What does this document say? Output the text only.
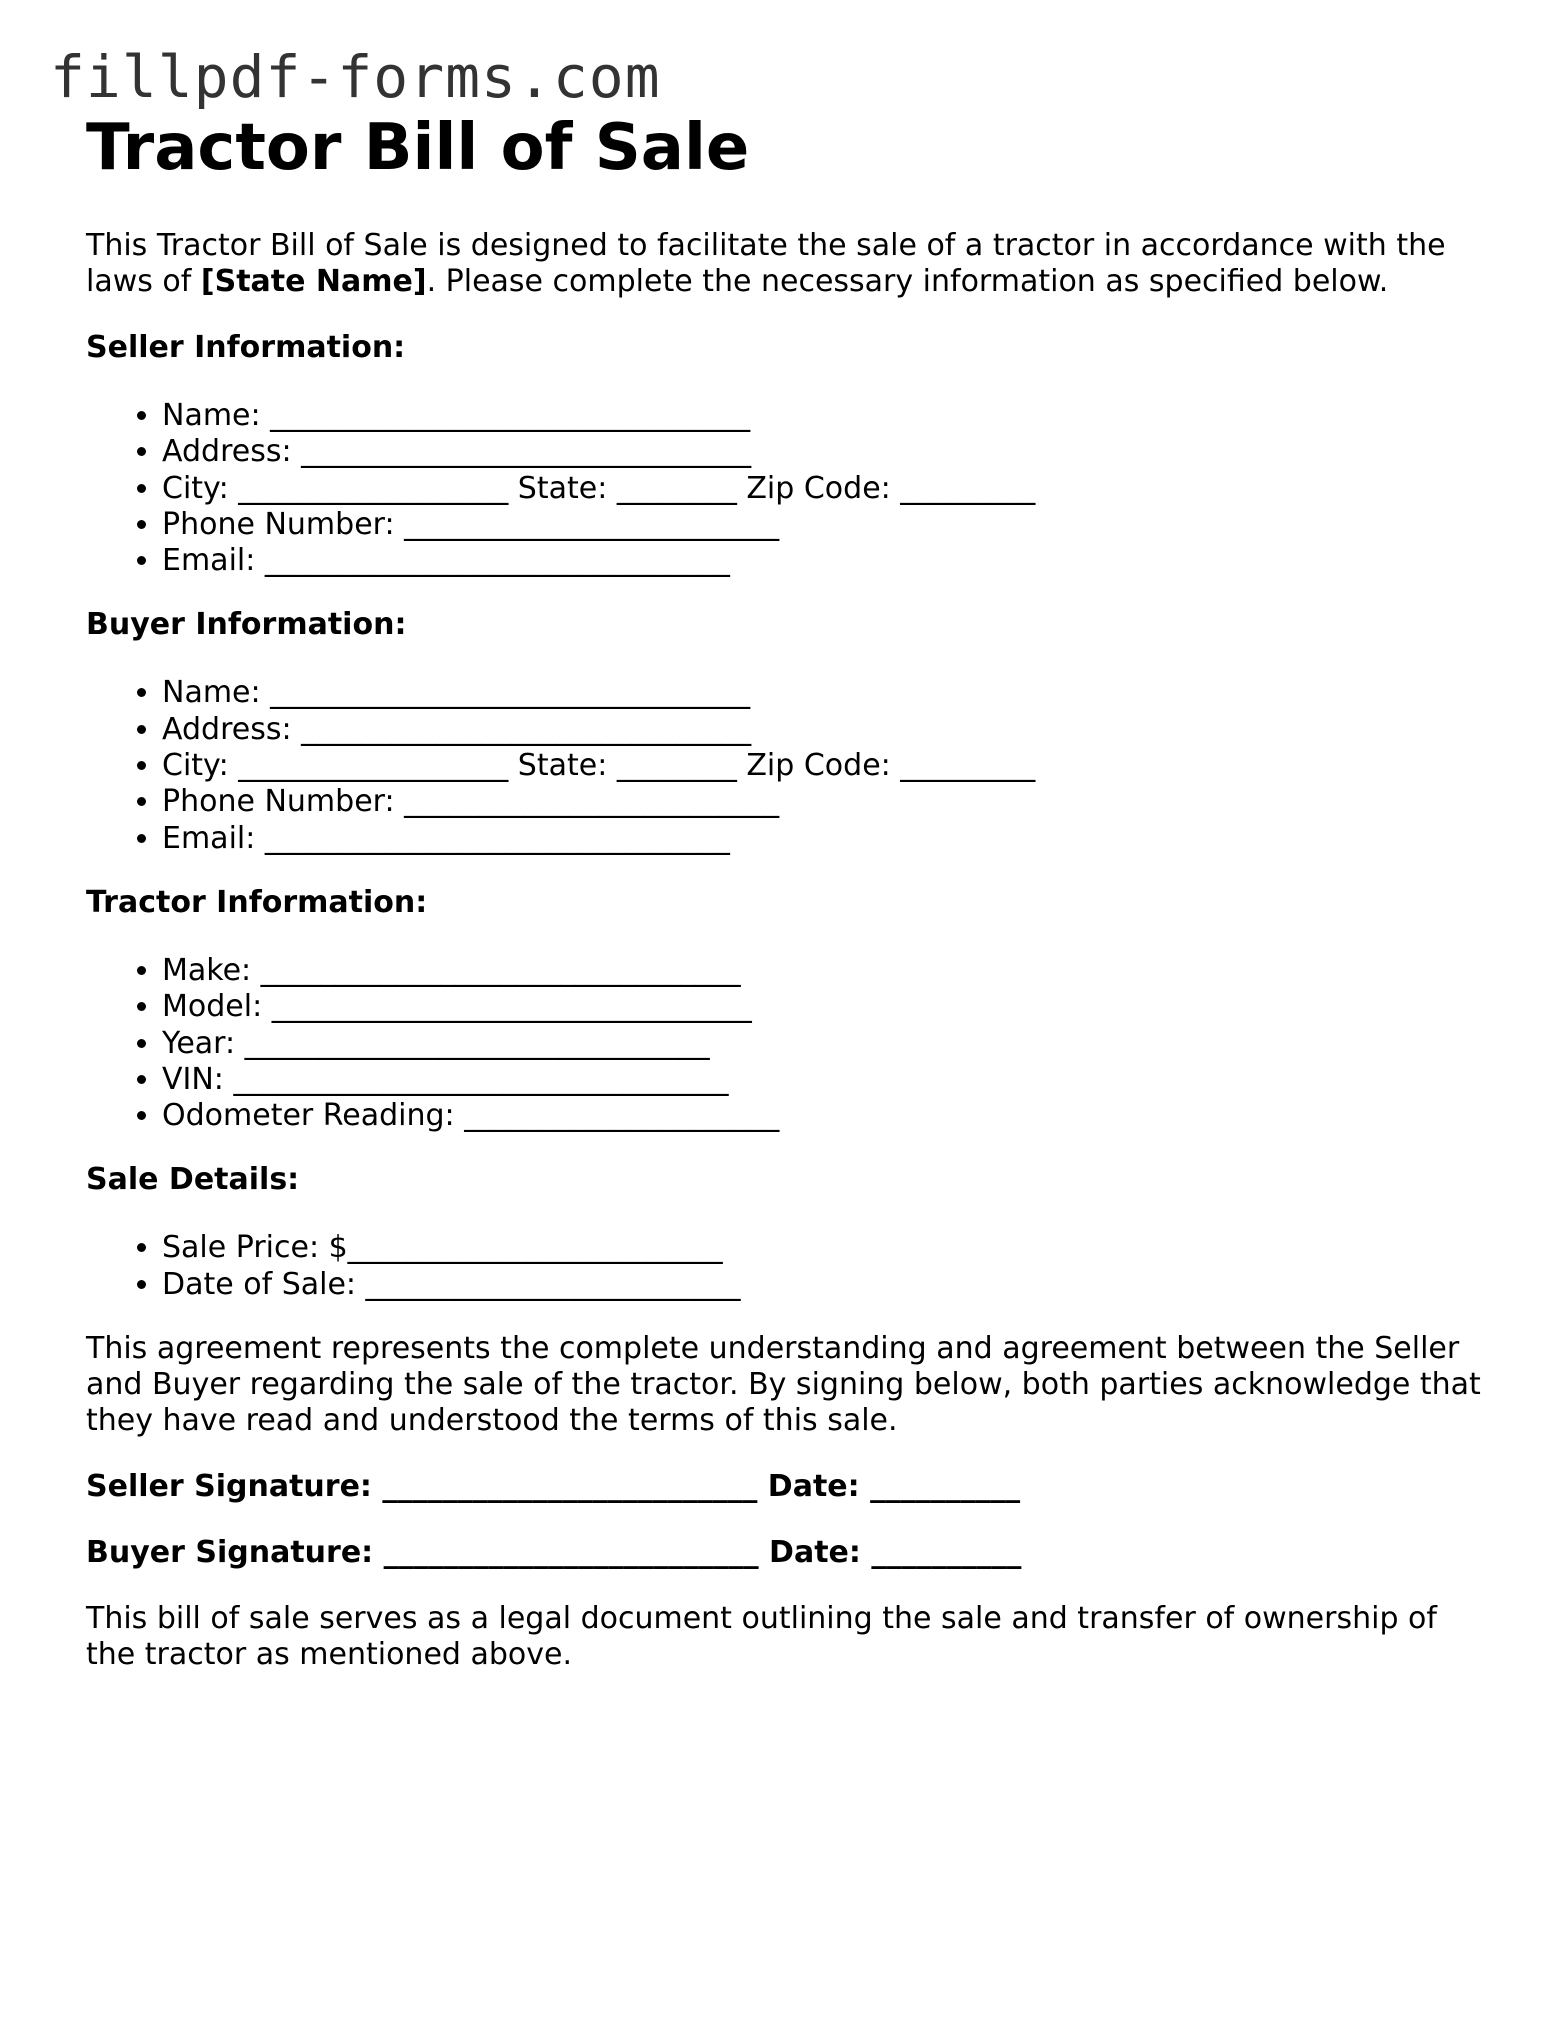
fillpdf-forms.com
Tractor Bill of Sale

This Tractor Bill of Sale is designed to facilitate the sale of a tractor in accordance with the laws of [State Name]. Please complete the necessary information as specified below.

Seller Information:
• Name: ________________________________
• Address: ______________________________
• City: __________________ State: ________ Zip Code: _________
• Phone Number: _________________________
• Email: _______________________________
Buyer Information:
• Name: ________________________________
• Address: ______________________________
• City: __________________ State: ________ Zip Code: _________
• Phone Number: _________________________
• Email: _______________________________
Tractor Information:
• Make: ________________________________
• Model: ________________________________
• Year: _______________________________
• VIN: _________________________________
• Odometer Reading: _____________________
Sale Details:
• Sale Price: $_________________________
• Date of Sale: _________________________
This agreement represents the complete understanding and agreement between the Seller and Buyer regarding the sale of the tractor. By signing below, both parties acknowledge that they have read and understood the terms of this sale.
Seller Signature: _________________________ Date: __________
Buyer Signature: _________________________ Date: __________
This bill of sale serves as a legal document outlining the sale and transfer of ownership of the tractor as mentioned above.
